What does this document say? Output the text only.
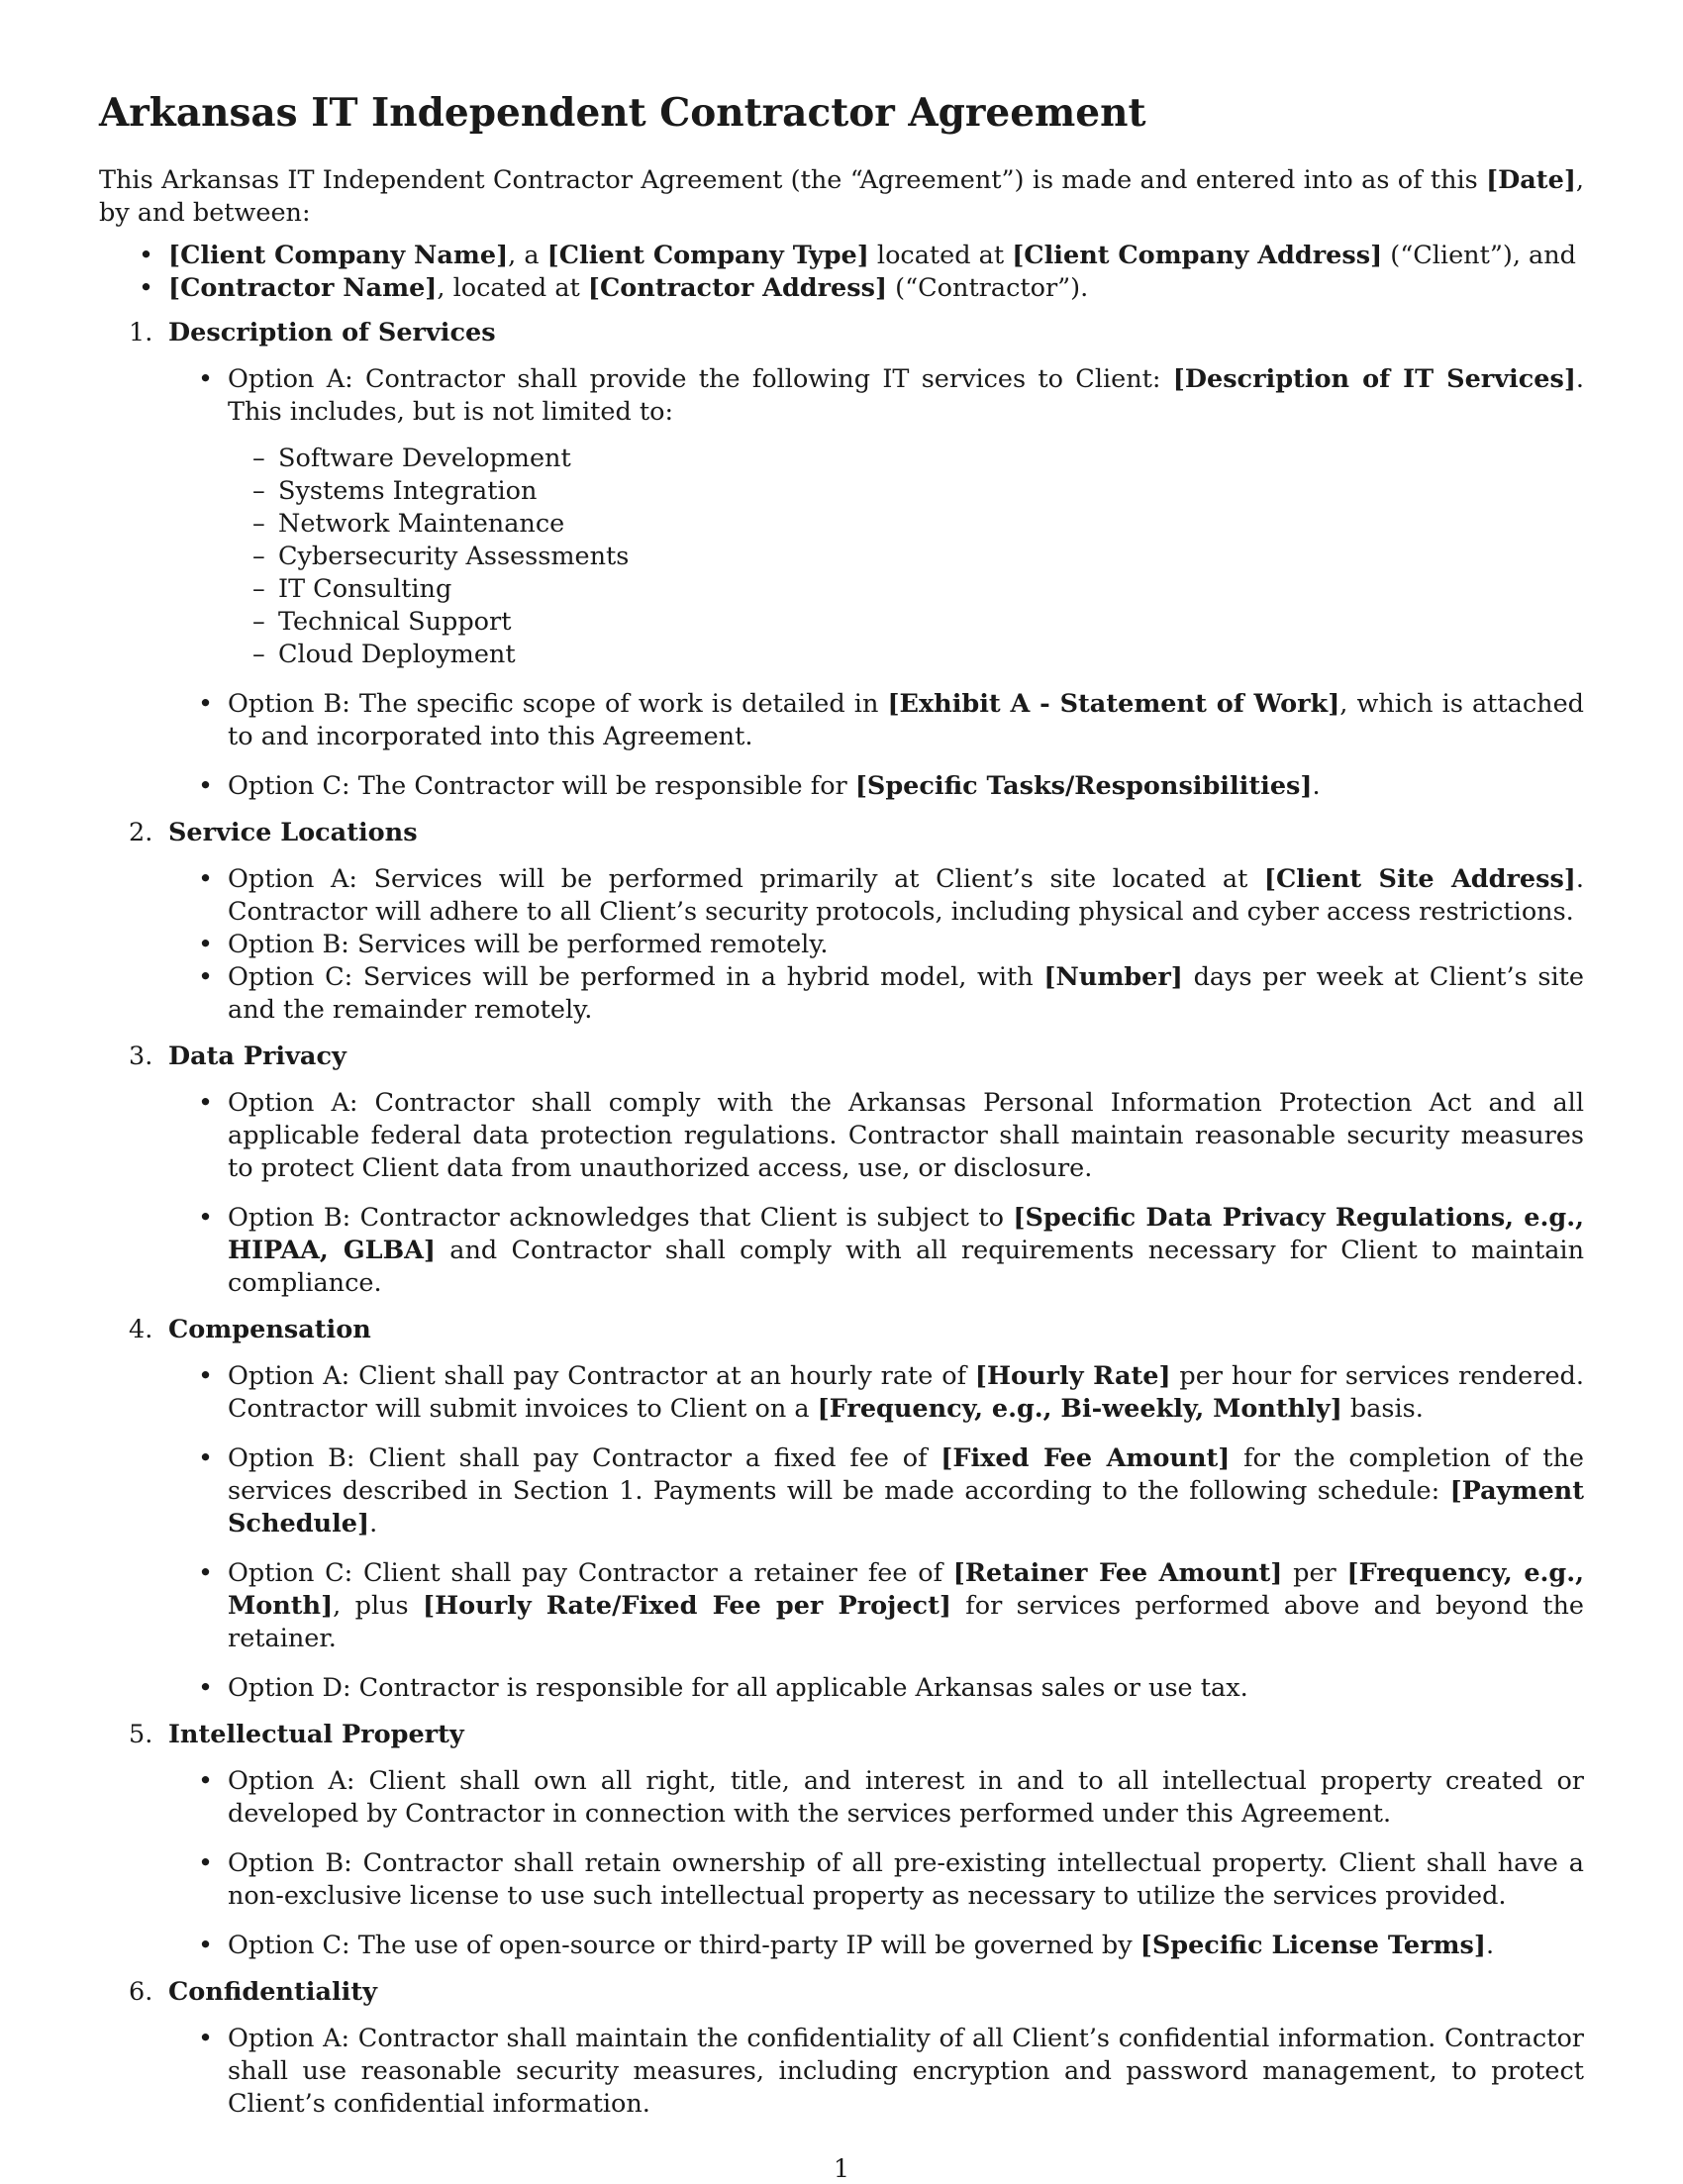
Arkansas IT Independent Contractor Agreement

This Arkansas IT Independent Contractor Agreement (the “Agreement”) is made and entered into as of this [Date], by and between:

• [Client Company Name], a [Client Company Type] located at [Client Company Address] (“Client”), and
• [Contractor Name], located at [Contractor Address] (“Contractor”).
1. Description of Services
• Option A: Contractor shall provide the following IT services to Client: [Description of IT Services]. This includes, but is not limited to:
– Software Development
– Systems Integration
– Network Maintenance
– Cybersecurity Assessments
– IT Consulting
– Technical Support
– Cloud Deployment
• Option B: The specific scope of work is detailed in [Exhibit A - Statement of Work], which is attached to and incorporated into this Agreement.
• Option C: The Contractor will be responsible for [Specific Tasks/Responsibilities].
2. Service Locations
• Option A: Services will be performed primarily at Client’s site located at [Client Site Address]. Contractor will adhere to all Client’s security protocols, including physical and cyber access restrictions.
• Option B: Services will be performed remotely.
• Option C: Services will be performed in a hybrid model, with [Number] days per week at Client’s site and the remainder remotely.
3. Data Privacy
• Option A: Contractor shall comply with the Arkansas Personal Information Protection Act and all applicable federal data protection regulations. Contractor shall maintain reasonable security measures to protect Client data from unauthorized access, use, or disclosure.
• Option B: Contractor acknowledges that Client is subject to [Specific Data Privacy Regulations, e.g., HIPAA, GLBA] and Contractor shall comply with all requirements necessary for Client to maintain compliance.
4. Compensation
• Option A: Client shall pay Contractor at an hourly rate of [Hourly Rate] per hour for services rendered. Contractor will submit invoices to Client on a [Frequency, e.g., Bi-weekly, Monthly] basis.
• Option B: Client shall pay Contractor a fixed fee of [Fixed Fee Amount] for the completion of the services described in Section 1. Payments will be made according to the following schedule: [Payment Schedule].
• Option C: Client shall pay Contractor a retainer fee of [Retainer Fee Amount] per [Frequency, e.g., Month], plus [Hourly Rate/Fixed Fee per Project] for services performed above and beyond the retainer.
• Option D: Contractor is responsible for all applicable Arkansas sales or use tax.
5. Intellectual Property
• Option A: Client shall own all right, title, and interest in and to all intellectual property created or developed by Contractor in connection with the services performed under this Agreement.
• Option B: Contractor shall retain ownership of all pre-existing intellectual property. Client shall have a non-exclusive license to use such intellectual property as necessary to utilize the services provided.
• Option C: The use of open-source or third-party IP will be governed by [Specific License Terms].
6. Confidentiality
• Option A: Contractor shall maintain the confidentiality of all Client’s confidential information. Contractor shall use reasonable security measures, including encryption and password management, to protect Client’s confidential information.
1
